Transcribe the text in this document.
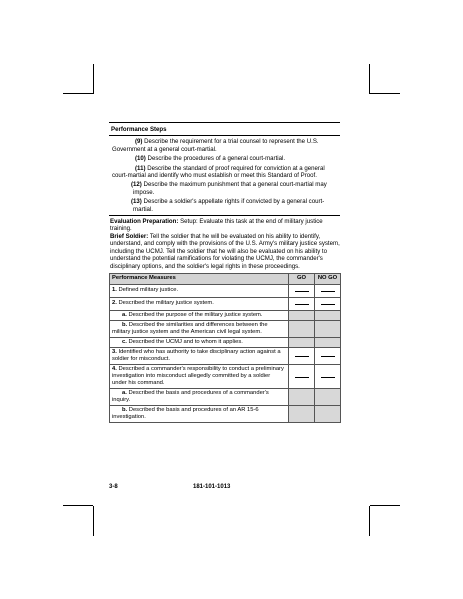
Performance Steps

(9) Describe the requirement for a trial counsel to represent the U.S. Government at a general court-martial.

(10) Describe the procedures of a general court-martial.

(11) Describe the standard of proof required for conviction at a general court-martial and identify who must establish or meet this Standard of Proof.

(12) Describe the maximum punishment that a general court-martial may impose.

(13) Describe a soldier's appellate rights if convicted by a general court-martial.

Evaluation Preparation: Setup: Evaluate this task at the end of military justice training.

Brief Soldier: Tell the soldier that he will be evaluated on his ability to identify, understand, and comply with the provisions of the U.S. Army's military justice system, including the UCMJ. Tell the soldier that he will also be evaluated on his ability to understand the potential ramifications for violating the UCMJ, the commander's disciplinary options, and the soldier's legal rights in these proceedings.

Performance Measures	GO	NO GO
1. Defined military justice.		
2. Described the military justice system.		
a. Described the purpose of the military justice system.		
b. Described the similarities and differences between the military justice system and the American civil legal system.		
c. Described the UCMJ and to whom it applies.		
3. Identified who has authority to take disciplinary action against a soldier for misconduct.		
4. Described a commander's responsibility to conduct a preliminary investigation into misconduct allegedly committed by a soldier under his command.		
a. Described the basis and procedures of a commander's inquiry.		
b. Described the basis and procedures of an AR 15-6 investigation.		
3-8	181-101-1013
